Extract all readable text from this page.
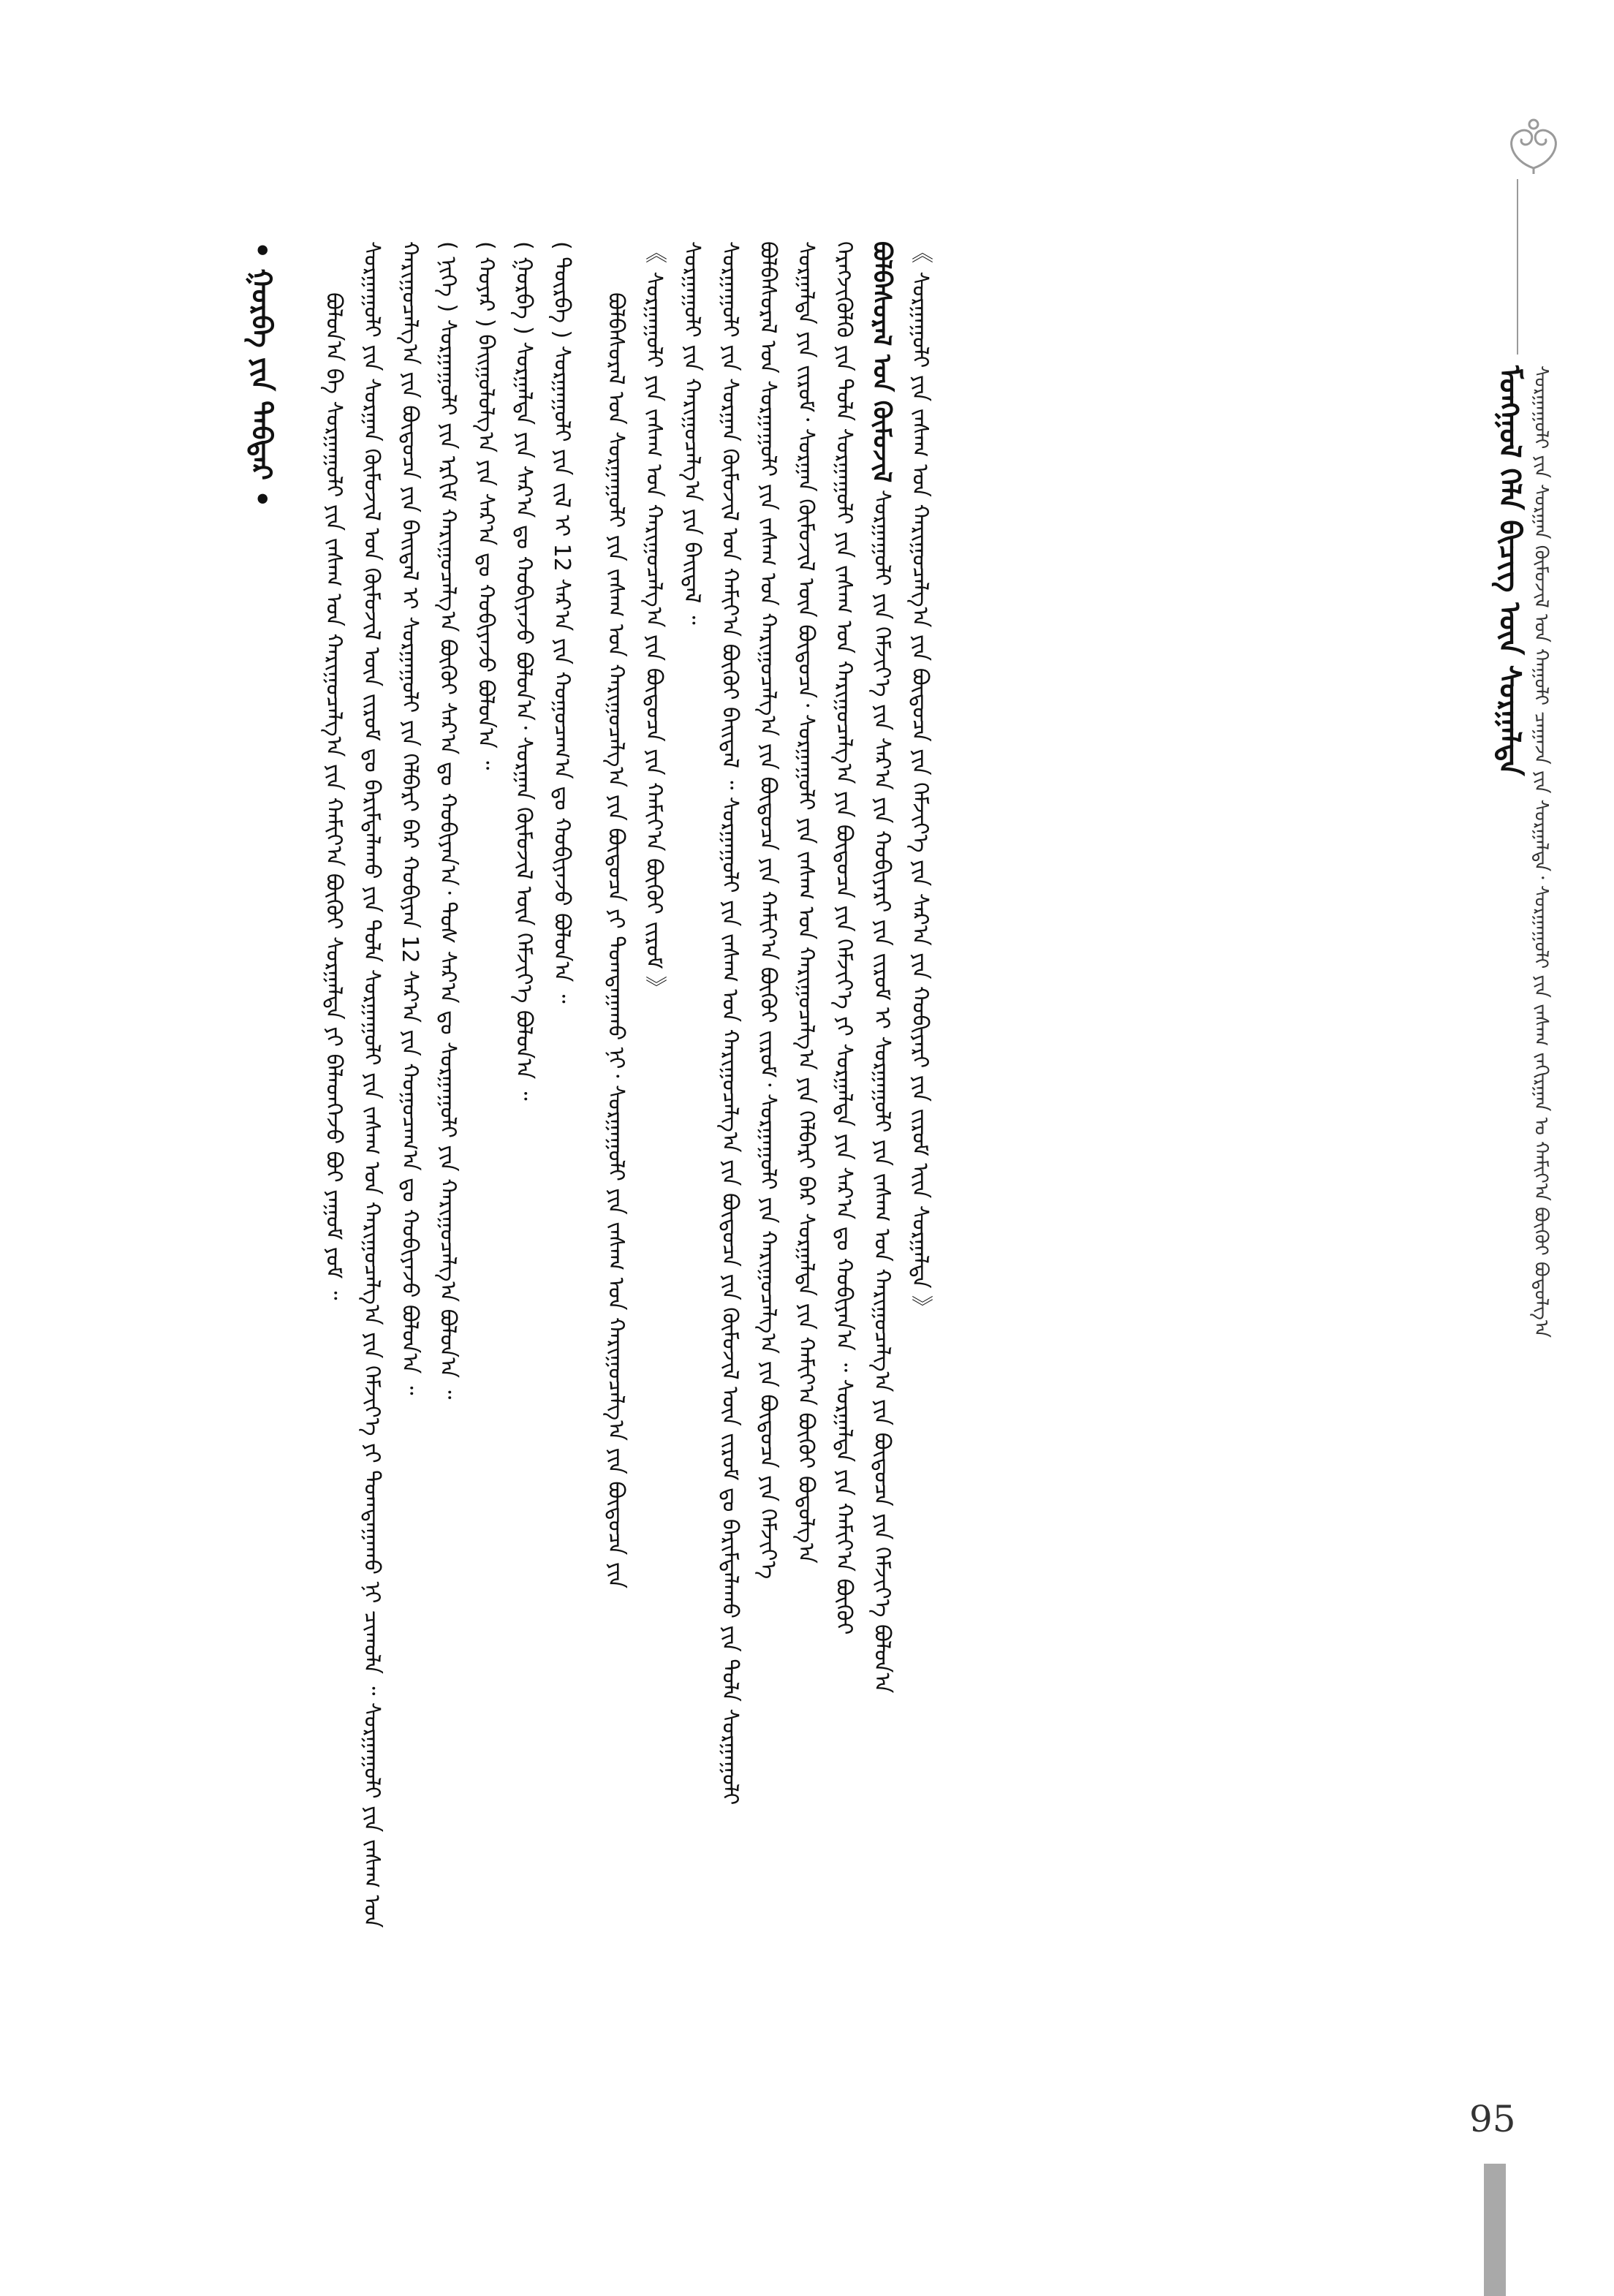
ᠰᠤᠷᠭᠠᠭᠤᠯᠢ ᠶᠢᠨ ᠰᠤᠷᠭᠠᠨ ᠬᠦᠮᠦᠵᠢᠯ ᠤᠨ ᠬᠠᠭᠤᠯᠢ ᠴᠠᠭᠠᠵᠠ ᠶᠢᠨ ᠰᠤᠷᠭᠠᠯᠲᠠ᠂ ᠰᠤᠷᠭᠠᠭᠤᠯᠢ ᠶᠢᠨ ᠵᠠᠰᠠᠭ ᠵᠠᠬᠢᠷᠭᠠᠨ ᠤ ᠬᠠᠮᠢᠶ᠎ᠠ ᠪᠦᠬᠦᠢ ᠪᠣᠳᠣᠯᠭ᠎ᠠ
ᠮᠣᠩᠭᠣᠯ ᠬᠡᠯᠡ ᠪᠢᠴᠢᠭ ᠦᠨ ᠰᠤᠷᠭᠠᠯᠲᠠ
ᠪᠣᠯᠤᠨ᠎ᠠ ᠪᠠ ᠰᠤᠷᠭᠠᠭᠤᠯᠢ ᠶᠢᠨ ᠵᠠᠰᠠᠭ ᠤᠨ ᠬᠠᠷᠢᠭᠤᠴᠠᠯᠭ᠎ᠠ ᠶᠢᠨ ᠬᠠᠮᠢᠶ᠎ᠠ ᠪᠦᠬᠦᠢ ᠰᠤᠷᠭᠠᠯᠲᠠ ᠶᠢ ᠪᠡᠯᠡᠳᠬᠡᠵᠦ ᠪᠤᠢ ᠶᠠᠭᠤᠮ ᠶᠤᠮ ᠃ ᠰᠤᠷᠭᠠᠭᠤᠯᠢ ᠶᠢᠨ ᠰᠤᠷᠭᠠᠨ ᠬᠦᠮᠦᠵᠢᠯ ᠤᠨ ᠬᠦᠮᠦᠵᠢᠯ ᠦᠨ ᠵᠢᠷᠤᠮ ᠳᠤ ᠪᠠᠷᠢᠮᠲᠠᠯᠠᠬᠤ ᠶᠢᠨ ᠲᠤᠯᠠ ᠰᠤᠷᠭᠠᠭᠤᠯᠢ ᠶᠢᠨ ᠵᠠᠰᠠᠭ ᠤᠨ ᠬᠠᠷᠢᠭᠤᠴᠠᠯᠭ᠎ᠠ ᠶᠢᠨ ᠬᠡᠮᠵᠢᠶ᠎ᠡ ᠶᠢ ᠲᠣᠭᠲᠠᠭᠠᠬᠤ ᠨᠢ ᠴᠢᠬᠤᠯᠠ ᠃ ᠰᠤᠷᠭᠠᠭᠤᠯᠢ ᠶᠢᠨ ᠵᠠᠰᠠᠭ ᠤᠨ ᠬᠠᠷᠢᠭᠤᠴᠠᠯᠭ᠎ᠠ ᠶᠢᠨ ᠪᠦᠲᠦᠴᠡ ᠶᠢᠨ ᠪᠠᠢᠳᠠᠯ ᠢ ᠰᠤᠷᠭᠠᠭᠤᠯᠢ ᠶᠢᠨ ᠬᠡᠯᠪᠡᠷᠢ ᠪᠡᠷ ᠬᠤᠪᠢᠶᠠᠨ 12 ᠰᠠᠷ᠎ᠠ ᠶᠢᠨ ᠬᠤᠭᠤᠴᠠᠭ᠎ᠠ ᠳᠤ ᠬᠤᠪᠢᠶᠠᠵᠤ ᠪᠣᠯᠤᠨ᠎ᠠ ᠃ ( ᠨᠢᠭᠡ ) ᠰᠤᠷᠭᠠᠭᠤᠯᠢ ᠶᠢᠨ ᠡᠷᠬᠢᠮ ᠬᠠᠷᠢᠭᠤᠴᠠᠯᠭ᠎ᠠ ᠪᠦᠬᠦᠢ ᠰᠠᠷ᠎ᠠ ᠳᠤ ᠬᠤᠪᠢᠶᠠᠨ᠎ᠠ᠂ ᠲᠤᠰ ᠰᠠᠷ᠎ᠠ ᠳᠤ ᠰᠤᠷᠭᠠᠭᠤᠯᠢ ᠶᠢᠨ ᠬᠠᠷᠢᠭᠤᠴᠠᠯᠭ᠎ᠠ ᠪᠣᠯᠤᠨ᠎ᠠ ᠃ ( ᠬᠣᠶᠠᠷ ) ᠪᠠᠢᠭᠤᠯᠤᠯᠭ᠎ᠠ ᠶᠢᠨ ᠰᠠᠷ᠎ᠠ ᠳᠤ ᠬᠤᠪᠢᠶᠠᠵᠤ ᠪᠣᠯᠤᠨ᠎ᠠ ᠃ ( ᠭᠤᠷᠪᠠ ) ᠰᠤᠷᠭᠠᠯᠲᠠ ᠶᠢᠨ ᠰᠠᠷ᠎ᠠ ᠳᠤ ᠬᠤᠪᠢᠶᠠᠵᠤ ᠪᠣᠯᠤᠨ᠎ᠠ᠂ ᠰᠤᠷᠭᠠᠨ ᠬᠦᠮᠦᠵᠢᠯ ᠦᠨ ᠬᠡᠮᠵᠢᠶ᠎ᠡ ᠪᠣᠯᠤᠨ᠎ᠠ ᠃ ( ᠳᠦᠷᠪᠡ ) ᠰᠤᠷᠭᠠᠭᠤᠯᠢ ᠶᠢᠨ ᠵᠢᠯ ᠢ 12 ᠰᠠᠷ᠎ᠠ ᠶᠢᠨ ᠬᠤᠭᠤᠴᠠᠭ᠎ᠠ ᠳᠤ ᠬᠤᠪᠢᠶᠠᠵᠤ ᠪᠣᠯᠤᠨ᠎ᠠ ᠃	ᠪᠣᠯᠪᠠᠰᠤᠷᠠᠯ ᠤᠨ ᠰᠤᠷᠭᠠᠭᠤᠯᠢ ᠶᠢᠨ ᠵᠠᠰᠠᠭ ᠤᠨ ᠬᠠᠷᠢᠭᠤᠴᠠᠯᠭ᠎ᠠ ᠶᠢᠨ ᠪᠦᠲᠦᠴᠡ ᠶᠢ ᠲᠣᠭᠲᠠᠭᠠᠬᠤ ᠨᠢ᠂ ᠰᠤᠷᠭᠠᠭᠤᠯᠢ ᠶᠢᠨ ᠵᠠᠰᠠᠭ ᠤᠨ ᠬᠠᠷᠢᠭᠤᠴᠠᠯᠭ᠎ᠠ ᠶᠢᠨ ᠪᠦᠲᠦᠴᠡ ᠶᠢᠨ 《 ᠰᠤᠷᠭᠠᠭᠤᠯᠢ ᠶᠢᠨ ᠵᠠᠰᠠᠭ ᠤᠨ ᠬᠠᠷᠢᠭᠤᠴᠠᠯᠭ᠎ᠠ ᠶᠢᠨ ᠪᠦᠲᠦᠴᠡ ᠶᠢᠨ ᠬᠠᠮᠢᠶ᠎ᠠ ᠪᠦᠬᠦᠢ ᠵᠢᠷᠤᠮ 》 ᠰᠤᠷᠭᠠᠭᠤᠯᠢ ᠶᠢᠨ ᠬᠠᠷᠢᠭᠤᠴᠠᠯᠭ᠎ᠠ ᠶᠢᠨ ᠪᠠᠢᠳᠠᠯ ᠃ ᠰᠤᠷᠭᠠᠭᠤᠯᠢ ᠶᠢᠨ ᠰᠤᠷᠭᠠᠨ ᠬᠦᠮᠦᠵᠢᠯ ᠤᠨ ᠬᠠᠮᠢᠶ᠎ᠠ ᠪᠦᠬᠦᠢ ᠪᠠᠢᠳᠠᠯ ᠃ ᠰᠤᠷᠭᠠᠭᠤᠯᠢ ᠶᠢᠨ ᠵᠠᠰᠠᠭ ᠤᠨ ᠬᠠᠷᠢᠭᠤᠴᠠᠯᠭ᠎ᠠ ᠶᠢᠨ ᠪᠦᠲᠦᠴᠡ ᠶᠢᠨ ᠬᠦᠮᠦᠵᠢᠯ ᠦᠨ ᠵᠢᠷᠤᠮ ᠳᠤ ᠪᠠᠷᠢᠮᠲᠠᠯᠠᠬᠤ ᠶᠢᠨ ᠲᠤᠯᠠ ᠰᠤᠷᠭᠠᠭᠤᠯᠢ ᠪᠣᠯᠪᠠᠰᠤᠷᠠᠯ ᠤᠨ ᠰᠤᠷᠭᠠᠭᠤᠯᠢ ᠶᠢᠨ ᠵᠠᠰᠠᠭ ᠤᠨ ᠬᠠᠷᠢᠭᠤᠴᠠᠯᠭ᠎ᠠ ᠶᠢᠨ ᠪᠦᠲᠦᠴᠡ ᠶᠢᠨ ᠬᠠᠮᠢᠶ᠎ᠠ ᠪᠦᠬᠦᠢ ᠵᠢᠷᠤᠮ᠂ ᠰᠤᠷᠭᠠᠭᠤᠯᠢ ᠶᠢᠨ ᠬᠠᠷᠢᠭᠤᠴᠠᠯᠭ᠎ᠠ ᠶᠢᠨ ᠪᠦᠲᠦᠴᠡ ᠶᠢᠨ ᠬᠡᠮᠵᠢᠶ᠎ᠡ ᠰᠤᠷᠭᠠᠯᠲᠠ ᠶᠢᠨ ᠵᠢᠷᠤᠮ᠂ ᠰᠤᠷᠭᠠᠨ ᠬᠦᠮᠦᠵᠢᠯ ᠦᠨ ᠪᠦᠲᠦᠴᠡ᠂ ᠰᠤᠷᠭᠠᠭᠤᠯᠢ ᠶᠢᠨ ᠵᠠᠰᠠᠭ ᠤᠨ ᠬᠠᠷᠢᠭᠤᠴᠠᠯᠭ᠎ᠠ ᠶᠢᠨ ᠬᠡᠯᠪᠡᠷᠢ ᠪᠡᠷ ᠰᠤᠷᠭᠠᠯᠲᠠ ᠶᠢᠨ ᠬᠠᠮᠢᠶ᠎ᠠ ᠪᠦᠬᠦᠢ ᠪᠣᠳᠣᠯᠭ᠎ᠠ ᠬᠡᠷᠡᠭᠵᠢᠭᠦᠯᠬᠦ ᠶᠢᠨ ᠲᠤᠯᠠ ᠰᠤᠷᠭᠠᠭᠤᠯᠢ ᠶᠢᠨ ᠵᠠᠰᠠᠭ ᠤᠨ ᠬᠠᠷᠢᠭᠤᠴᠠᠯᠭ᠎ᠠ ᠶᠢᠨ ᠪᠦᠲᠦᠴᠡ ᠶᠢᠨ ᠬᠡᠮᠵᠢᠶ᠎ᠡ ᠶᠢ ᠰᠤᠷᠭᠠᠯᠲᠠ ᠶᠢᠨ ᠰᠠᠷ᠎ᠠ ᠳᠤ ᠬᠤᠪᠢᠶᠠᠨ᠎ᠠ ᠃ ᠰᠤᠷᠭᠠᠯᠲᠠ ᠶᠢᠨ ᠬᠠᠮᠢᠶ᠎ᠠ ᠪᠦᠬᠦᠢ ᠪᠣᠯᠪᠠᠰᠤᠷᠠᠯ ᠤᠨ ᠬᠦᠮᠦᠵᠢᠯ ᠰᠤᠷᠭᠠᠭᠤᠯᠢ ᠶᠢᠨ ᠬᠡᠮᠵᠢᠶ᠎ᠡ ᠶᠢᠨ ᠰᠠᠷ᠎ᠠ ᠶᠢᠨ ᠬᠤᠪᠢᠶᠠᠷᠢ ᠶᠢᠨ ᠵᠢᠷᠤᠮ ᠢ ᠰᠤᠷᠭᠠᠭᠤᠯᠢ ᠶᠢᠨ ᠵᠠᠰᠠᠭ ᠤᠨ ᠬᠠᠷᠢᠭᠤᠴᠠᠯᠭ᠎ᠠ ᠶᠢᠨ ᠪᠦᠲᠦᠴᠡ ᠶᠢᠨ ᠬᠡᠮᠵᠢᠶ᠎ᠡ ᠪᠣᠯᠤᠨ᠎ᠠ 《 ᠰᠤᠷᠭᠠᠭᠤᠯᠢ ᠶᠢᠨ ᠵᠠᠰᠠᠭ ᠤᠨ ᠬᠠᠷᠢᠭᠤᠴᠠᠯᠭ᠎ᠠ ᠶᠢᠨ ᠪᠦᠲᠦᠴᠡ ᠶᠢᠨ ᠬᠡᠮᠵᠢᠶ᠎ᠡ ᠶᠢᠨ ᠰᠠᠷ᠎ᠠ ᠶᠢᠨ ᠬᠤᠪᠢᠶᠠᠷᠢ ᠶᠢᠨ ᠵᠢᠷᠤᠮ ᠢᠢᠨ ᠰᠤᠷᠭᠠᠯᠲᠠ 》
• ᠭᠤᠷᠪᠠ ᠶᠢᠨ ᠳᠡᠪᠲᠡᠷ •
95
